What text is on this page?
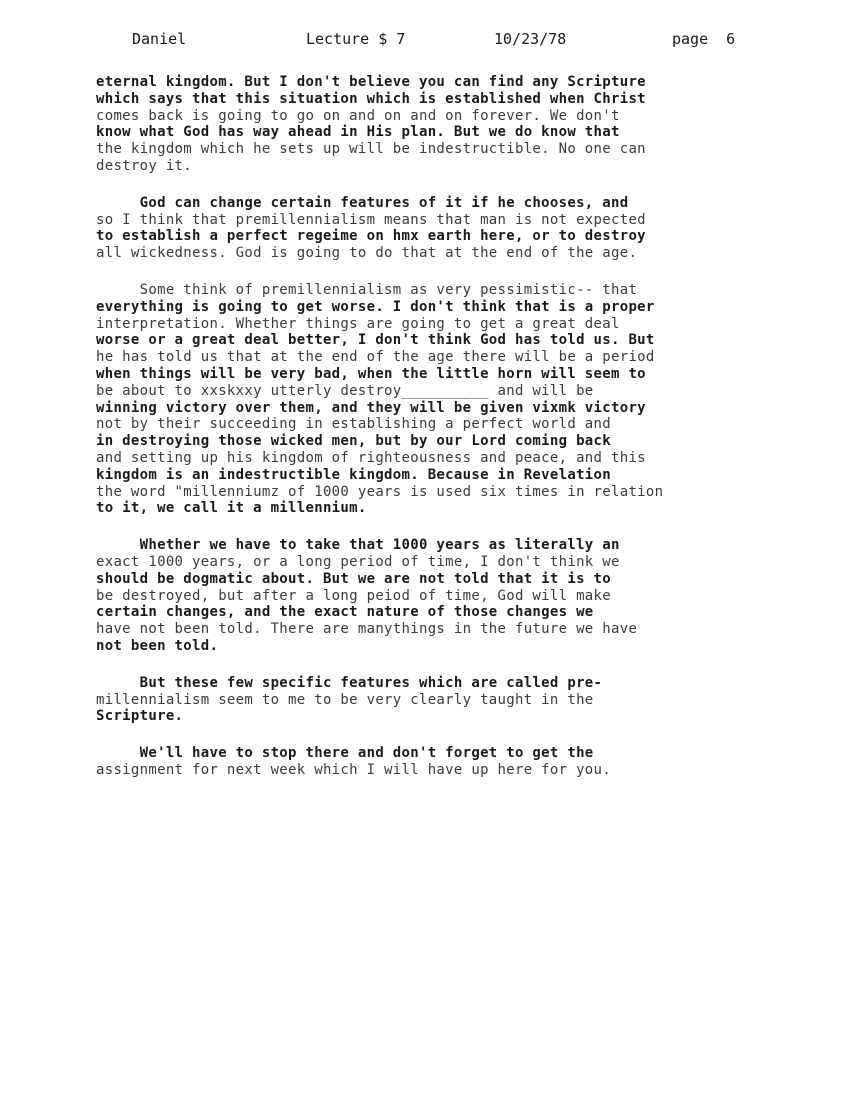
Daniel	Lecture $ 7	10/23/78	page  6
eternal kingdom. But I don't believe you can find any Scripture
which says that this situation which is established when Christ
comes back is going to go on and on and on forever. We don't
know what God has way ahead in His plan. But we do know that
the kingdom which he sets up will be indestructible. No one can
destroy it.
God can change certain features of it if he chooses, and
so I think that premillennialism means that man is not expected
to establish a perfect regeime on hmx earth here, or to destroy
all wickedness. God is going to do that at the end of the age.
Some think of premillennialism as very pessimistic-- that
everything is going to get worse. I don't think that is a proper
interpretation. Whether things are going to get a great deal
worse or a great deal better, I don't think God has told us. But
he has told us that at the end of the age there will be a period
when things will be very bad, when the little horn will seem to
be about to xxskxxy utterly destroy__________ and will be
winning victory over them, and they will be given vixmk victory
not by their succeeding in establishing a perfect world and
in destroying those wicked men, but by our Lord coming back
and setting up his kingdom of righteousness and peace, and this
kingdom is an indestructible kingdom. Because in Revelation
the word "millenniumz of 1000 years is used six times in relation
to it, we call it a millennium.
Whether we have to take that 1000 years as literally an
exact 1000 years, or a long period of time, I don't think we
should be dogmatic about. But we are not told that it is to
be destroyed, but after a long peiod of time, God will make
certain changes, and the exact nature of those changes we
have not been told. There are manythings in the future we have
not been told.
But these few specific features which are called pre-
millennialism seem to me to be very clearly taught in the
Scripture.
We'll have to stop there and don't forget to get the
assignment for next week which I will have up here for you.
